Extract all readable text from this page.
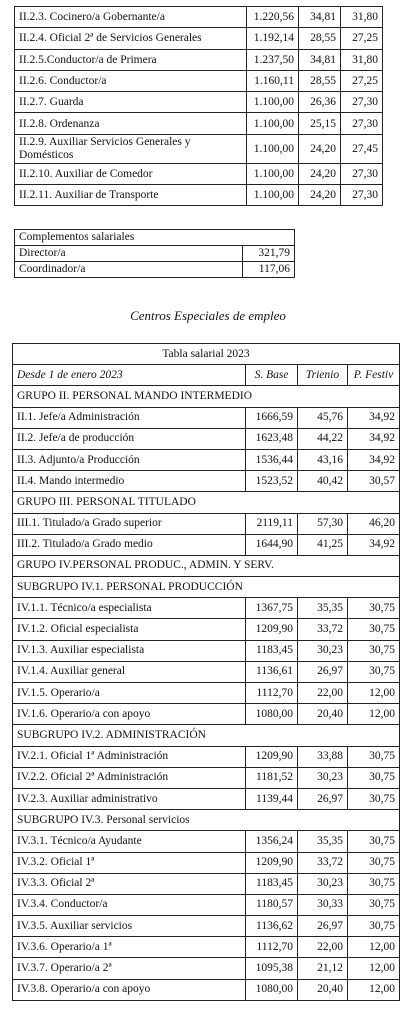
II.2.3. Cocinero/a Gobernante/a	1.220,56	34,81	31,80
II.2.4. Oficial 2ª de Servicios Generales	1.192,14	28,55	27,25
II.2.5.Conductor/a de Primera	1.237,50	34,81	31,80
II.2.6. Conductor/a	1.160,11	28,55	27,25
II.2.7. Guarda	1.100,00	26,36	27,30
II.2.8. Ordenanza	1.100,00	25,15	27,30
II.2.9. Auxiliar Servicios Generales y Domésticos	1.100,00	24,20	27,45
II.2.10. Auxiliar de Comedor	1.100,00	24,20	27,30
II.2.11. Auxiliar de Transporte	1.100,00	24,20	27,30
Complementos salariales	
Director/a	321,79
Coordinador/a	117,06
Centros Especiales de empleo
Tabla salarial 2023			
Desde 1 de enero 2023	S. Base	Trienio	P. Festiv
GRUPO II. PERSONAL MANDO INTERMEDIO			
II.1. Jefe/a Administración	1666,59	45,76	34,92
II.2. Jefe/a de producción	1623,48	44,22	34,92
II.3. Adjunto/a Producción	1536,44	43,16	34,92
II.4. Mando intermedio	1523,52	40,42	30,57
GRUPO III. PERSONAL TITULADO			
III.1. Titulado/a Grado superior	2119,11	57,30	46,20
III.2. Titulado/a Grado medio	1644,90	41,25	34,92
GRUPO IV.PERSONAL PRODUC., ADMIN. Y SERV.			
SUBGRUPO IV.1. PERSONAL PRODUCCIÓN			
IV.1.1. Técnico/a especialista	1367,75	35,35	30,75
IV.1.2. Oficial especialista	1209,90	33,72	30,75
IV.1.3. Auxiliar especialista	1183,45	30,23	30,75
IV.1.4. Auxiliar general	1136,61	26,97	30,75
IV.1.5. Operario/a	1112,70	22,00	12,00
IV.1.6. Operario/a con apoyo	1080,00	20,40	12,00
SUBGRUPO IV.2. ADMINISTRACIÓN			
IV.2.1. Oficial 1ª Administración	1209,90	33,88	30,75
IV.2.2. Oficial 2ª Administración	1181,52	30,23	30,75
IV.2.3. Auxiliar administrativo	1139,44	26,97	30,75
SUBGRUPO IV.3. Personal servicios			
IV.3.1. Técnico/a Ayudante	1356,24	35,35	30,75
IV.3.2. Oficial 1ª	1209,90	33,72	30,75
IV.3.3. Oficial 2ª	1183,45	30,23	30,75
IV.3.4. Conductor/a	1180,57	30,33	30,75
IV.3.5. Auxiliar servicios	1136,62	26,97	30,75
IV.3.6. Operario/a 1ª	1112,70	22,00	12,00
IV.3.7. Operario/a 2ª	1095,38	21,12	12,00
IV.3.8. Operario/a con apoyo	1080,00	20,40	12,00
